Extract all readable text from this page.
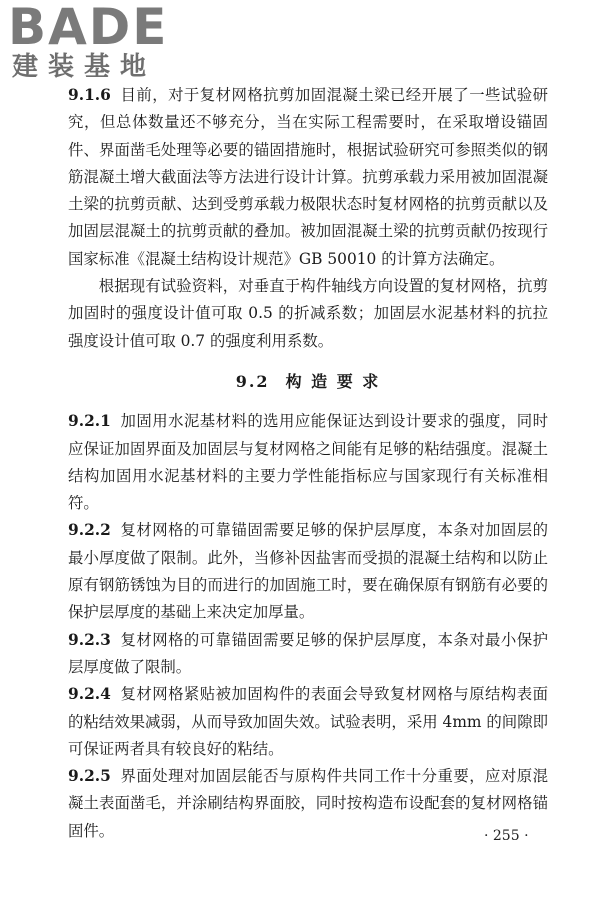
BADE

建装基地

9.1.6 目前，对于复材网格抗剪加固混凝土梁已经开展了一些试验研究，但总体数量还不够充分，当在实际工程需要时，在采取增设锚固件、界面凿毛处理等必要的锚固措施时，根据试验研究可参照类似的钢筋混凝土增大截面法等方法进行设计计算。抗剪承载力采用被加固混凝土梁的抗剪贡献、达到受剪承载力极限状态时复材网格的抗剪贡献以及加固层混凝土的抗剪贡献的叠加。被加固混凝土梁的抗剪贡献仍按现行国家标准《混凝土结构设计规范》GB 50010 的计算方法确定。

根据现有试验资料，对垂直于构件轴线方向设置的复材网格，抗剪加固时的强度设计值可取 0.5 的折减系数；加固层水泥基材料的抗拉强度设计值可取 0.7 的强度利用系数。

9.2 构 造 要 求

9.2.1 加固用水泥基材料的选用应能保证达到设计要求的强度，同时应保证加固界面及加固层与复材网格之间能有足够的粘结强度。混凝土结构加固用水泥基材料的主要力学性能指标应与国家现行有关标准相符。

9.2.2 复材网格的可靠锚固需要足够的保护层厚度，本条对加固层的最小厚度做了限制。此外，当修补因盐害而受损的混凝土结构和以防止原有钢筋锈蚀为目的而进行的加固施工时，要在确保原有钢筋有必要的保护层厚度的基础上来决定加厚量。

9.2.3 复材网格的可靠锚固需要足够的保护层厚度，本条对最小保护层厚度做了限制。

9.2.4 复材网格紧贴被加固构件的表面会导致复材网格与原结构表面的粘结效果减弱，从而导致加固失效。试验表明，采用 4mm 的间隙即可保证两者具有较良好的粘结。

9.2.5 界面处理对加固层能否与原构件共同工作十分重要，应对原混凝土表面凿毛，并涂刷结构界面胶，同时按构造布设配套的复材网格锚固件。	· 255 ·
